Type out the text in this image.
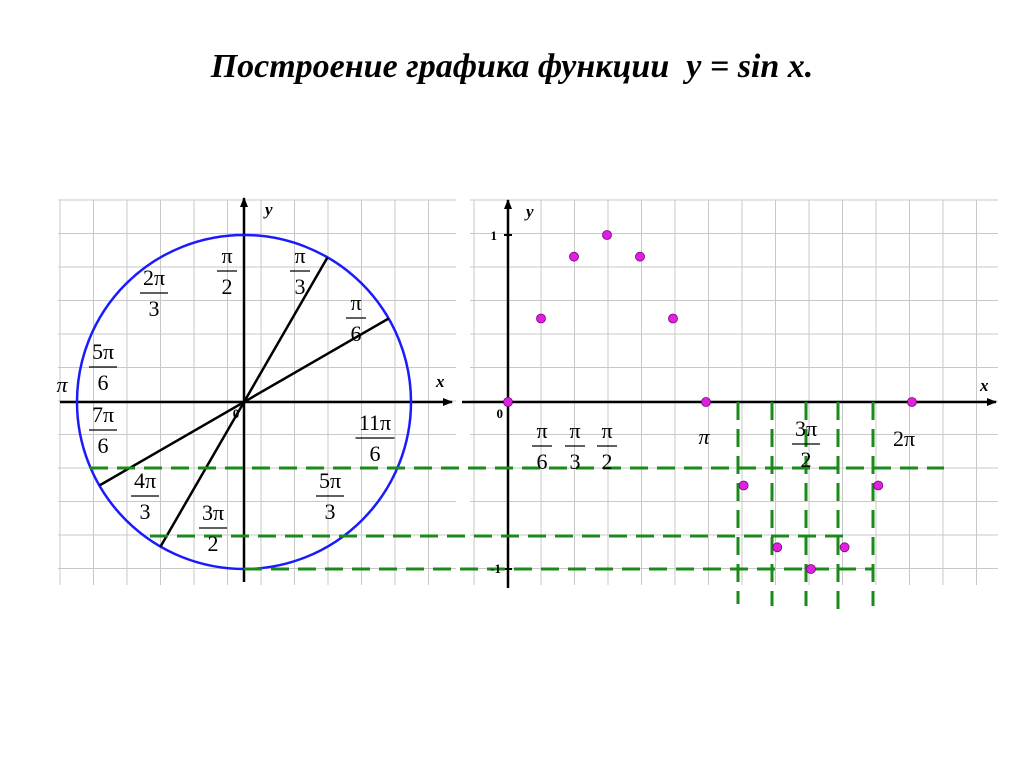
Построение графика функции y = sin x.
y
x
0
π
π
2
π
3
2π
3	π
6
5π
6
7π
6
11π
6
4π
3
5π
3
3π
2
y
x
1
0
-1
π
6
π
3
π
2
π	3π
2
2π
